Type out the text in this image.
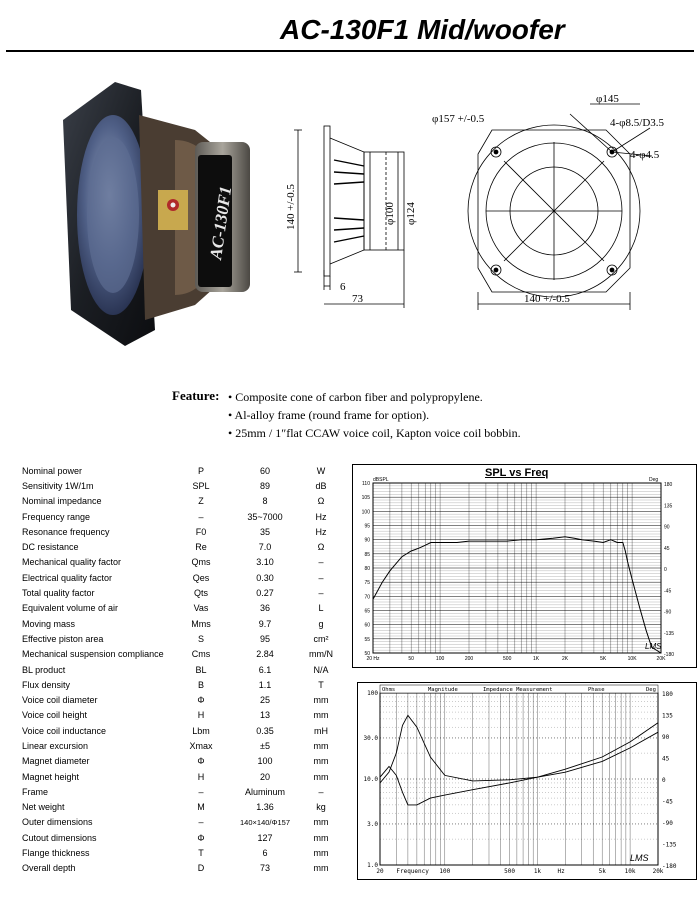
AC-130F1 Mid/woofer
AC-130F1	140 +/-0.5	φ100 φ124
6
73
φ157 +/-0.5
φ145
4-φ8.5/D3.5
4-φ4.5
140 +/-0.5
Feature: • Composite cone of carbon fiber and polypropylene.
• Al-alloy frame (round frame for option).
• 25mm / 1″flat CCAW voice coil, Kapton voice coil bobbin.
Nominal power	P	60	W
Sensitivity 1W/1m	SPL	89	dB
Nominal impedance	Z	8	Ω
Frequency range	–	35~7000	Hz
Resonance frequency	F0	35	Hz
DC resistance	Re	7.0	Ω
Mechanical quality factor	Qms	3.10	–
Electrical quality factor	Qes	0.30	–
Total quality factor	Qts	0.27	–
Equivalent volume of air	Vas	36	L
Moving mass	Mms	9.7	g
Effective piston area	S	95	cm²
Mechanical suspension compliance	Cms	2.84	mm/N
BL product	BL	6.1	N/A
Flux density	B	1.1	T
Voice coil diameter	Φ	25	mm
Voice coil height	H	13	mm
Voice coil inductance	Lbm	0.35	mH
Linear excursion	Xmax	±5	mm
Magnet diameter	Φ	100	mm
Magnet height	H	20	mm
Frame	–	Aluminum	–
Net weight	M	1.36	kg
Outer dimensions	–	140×140/Φ157	mm
Cutout dimensions	Φ	127	mm
Flange thickness	T	6	mm
Overall depth	D	73	mm
SPL vs Freq
dBSPL	Deg
50
55
60
65
70
75
80
85
90
95
100
105
110	180
135
90
45
0
-45
-90
-135
-180
20 Hz	50	100	200	500	1K	2K	5K	10K	20K
LMS
Ohms	Magnitude	Impedance Measurement	Phase	Deg
100
30.0
10.0
3.0
1.0
180
135
90
45
0
-45
-90
-135
-180
20	100	500	1k	Hz	5k	10k	20k
Frequency
LMS
